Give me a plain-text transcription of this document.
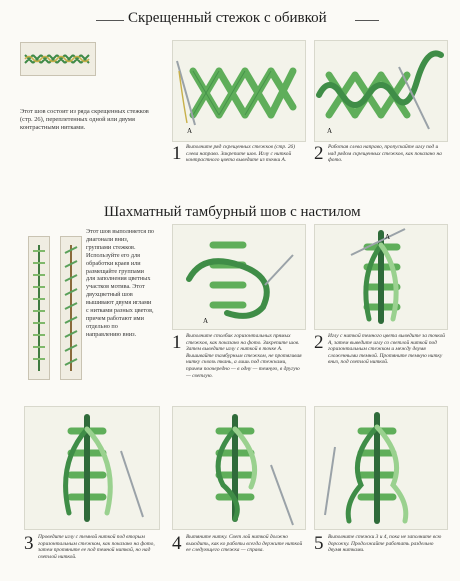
Скрещенный стежок с обивкой

Этот шов состоит из ряда скрещенных стежков (стр. 26), переплетенных одной или двумя контрастными нитками.	A
1 Выполните ряд скрещенных стежков (стр. 26) слева направо. Закрепите шов. Иглу с ниткой контрастного цвета выведите из точки А.

A
2 Работая слева направо, пропускайте иглу под и над рядом скрещенных стежков, как показано на фото.

Шахматный тамбурный шов с настилом

Этот шов выполняется по диагонали вниз, группами стежков. Используйте его для обработки краев или размещайте группами для заполнения цветных участков мотива. Этот двухцветный шов вышивают двумя иглами с нитками разных цветов, причем работают ими отдельно по направлению вниз.

A
1 Выполните столбик горизонтальных прямых стежков, как показано на фото. Закрепите шов. Затем выведите иглу с ниткой в точке А. Вышивайте тамбурным стежком, не протягивая нитку сквозь ткань, а лишь под стежками, причем поочередно — в одну — темную, в другую — светлую.

A
2 Иглу с ниткой темного цвета выведите за точкой А, затем выведите иглу со светлой ниткой под горизонтальным стежком и между двумя сложенными темной. Протяните темную нитку вниз, под светлой ниткой.

3 Проведите иглу с темной ниткой под вторым горизонтальным стежком, как показано на фото, затем протяните ее под темной ниткой, но над светлой ниткой.

4 Вытяните нитку. Свет лой ниткой должно выходить, как ко работы всегда держите ниткой ее следующего стежка — справа.	5 Выполните стежки 3 и 4, пока не заполните всю дорожку. Продолжайте работать раздельно двумя нитками.
